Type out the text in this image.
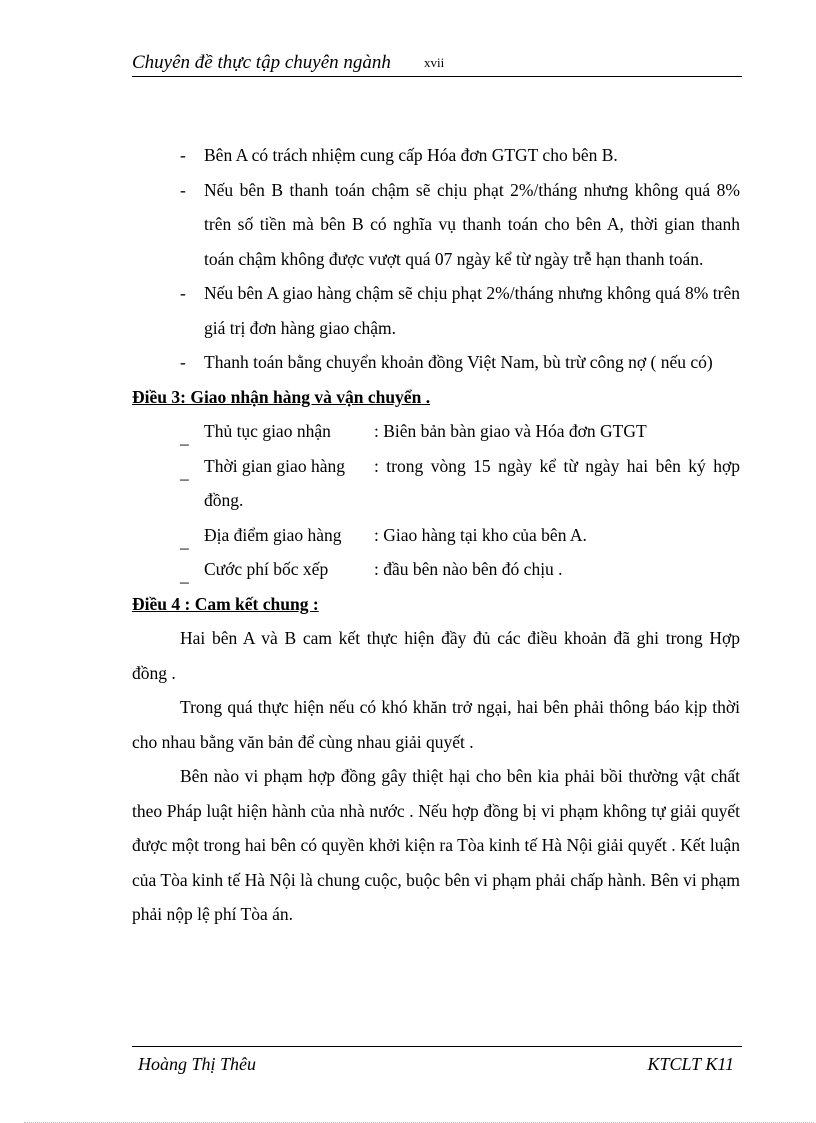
Chuyên đề thực tập chuyên ngành	xvii
- Bên A có trách nhiệm cung cấp Hóa đơn GTGT cho bên B.
- Nếu bên B thanh toán chậm sẽ chịu phạt 2%/tháng nhưng không quá 8% trên số tiền mà bên B có nghĩa vụ thanh toán cho bên A, thời gian thanh toán chậm không được vượt quá 07 ngày kể từ ngày trễ hạn thanh toán.
- Nếu bên A giao hàng chậm sẽ chịu phạt 2%/tháng nhưng không quá 8% trên giá trị đơn hàng giao chậm.
- Thanh toán bằng chuyển khoản đồng Việt Nam, bù trừ công nợ ( nếu có)
Điều 3: Giao nhận hàng và vận chuyển .
_ Thủ tục giao nhận	: Biên bản bàn giao và Hóa đơn GTGT
_ Thời gian giao hàng	: trong vòng 15 ngày kể từ ngày hai bên ký hợp
đồng.
_ Địa điểm giao hàng	: Giao hàng tại kho của bên A.
_ Cước phí bốc xếp	: đầu bên nào bên đó chịu .
Điều 4 : Cam kết chung :

Hai bên A và B cam kết thực hiện đầy đủ các điều khoản đã ghi trong Hợp đồng .

Trong quá thực hiện nếu có khó khăn trở ngại, hai bên phải thông báo kịp thời cho nhau bằng văn bản để cùng nhau giải quyết .

Bên nào vi phạm hợp đồng gây thiệt hại cho bên kia phải bồi thường vật chất theo Pháp luật hiện hành của nhà nước . Nếu hợp đồng bị vi phạm không tự giải quyết được một trong hai bên có quyền khởi kiện ra Tòa kinh tế Hà Nội giải quyết . Kết luận của Tòa kinh tế Hà Nội là chung cuộc, buộc bên vi phạm phải chấp hành. Bên vi phạm phải nộp lệ phí Tòa án.

Hoàng Thị Thêu	KTCLT K11
